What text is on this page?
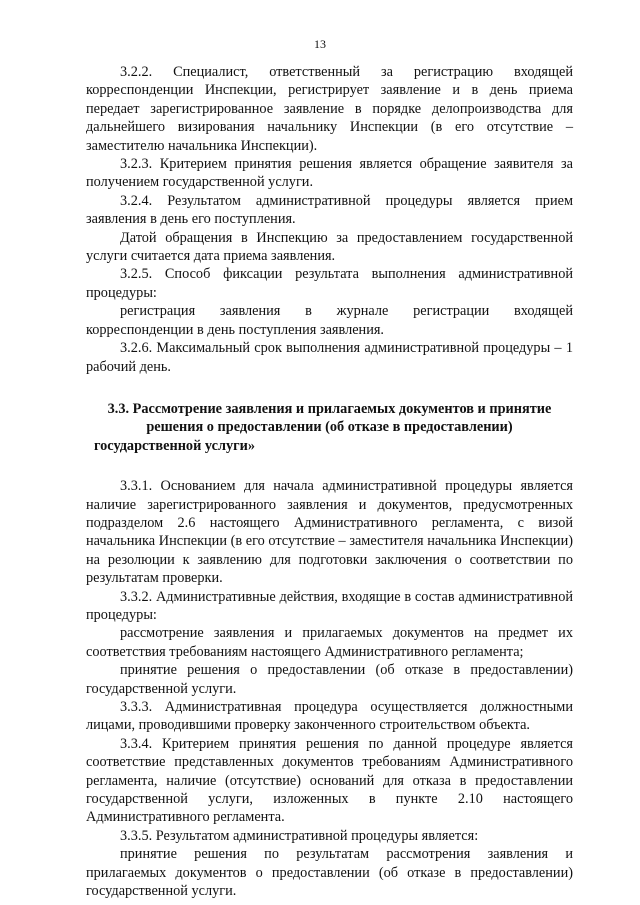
13

3.2.2. Специалист, ответственный за регистрацию входящей корреспонденции Инспекции, регистрирует заявление и в день приема передает зарегистрированное заявление в порядке делопроизводства для дальнейшего визирования начальнику Инспекции (в его отсутствие – заместителю начальника Инспекции).

3.2.3. Критерием принятия решения является обращение заявителя за получением государственной услуги.

3.2.4. Результатом административной процедуры является прием заявления в день его поступления.

Датой обращения в Инспекцию за предоставлением государственной услуги считается дата приема заявления.

3.2.5. Способ фиксации результата выполнения административной процедуры:

регистрация заявления в журнале регистрации входящей корреспонденции в день поступления заявления.

3.2.6. Максимальный срок выполнения административной процедуры – 1 рабочий день.

3.3. Рассмотрение заявления и прилагаемых документов и принятие решения о предоставлении (об отказе в предоставлении) государственной услуги»

3.3.1. Основанием для начала административной процедуры является наличие зарегистрированного заявления и документов, предусмотренных подразделом 2.6 настоящего Административного регламента, с визой начальника Инспекции (в его отсутствие – заместителя начальника Инспекции) на резолюции к заявлению для подготовки заключения о соответствии по результатам проверки.

3.3.2. Административные действия, входящие в состав административной процедуры:

рассмотрение заявления и прилагаемых документов на предмет их соответствия требованиям настоящего Административного регламента;

принятие решения о предоставлении (об отказе в предоставлении) государственной услуги.

3.3.3. Административная процедура осуществляется должностными лицами, проводившими проверку законченного строительством объекта.

3.3.4. Критерием принятия решения по данной процедуре является соответствие представленных документов требованиям Административного регламента, наличие (отсутствие) оснований для отказа в предоставлении государственной услуги, изложенных в пункте 2.10 настоящего Административного регламента.

3.3.5. Результатом административной процедуры является:

принятие решения по результатам рассмотрения заявления и прилагаемых документов о предоставлении (об отказе в предоставлении) государственной услуги.
